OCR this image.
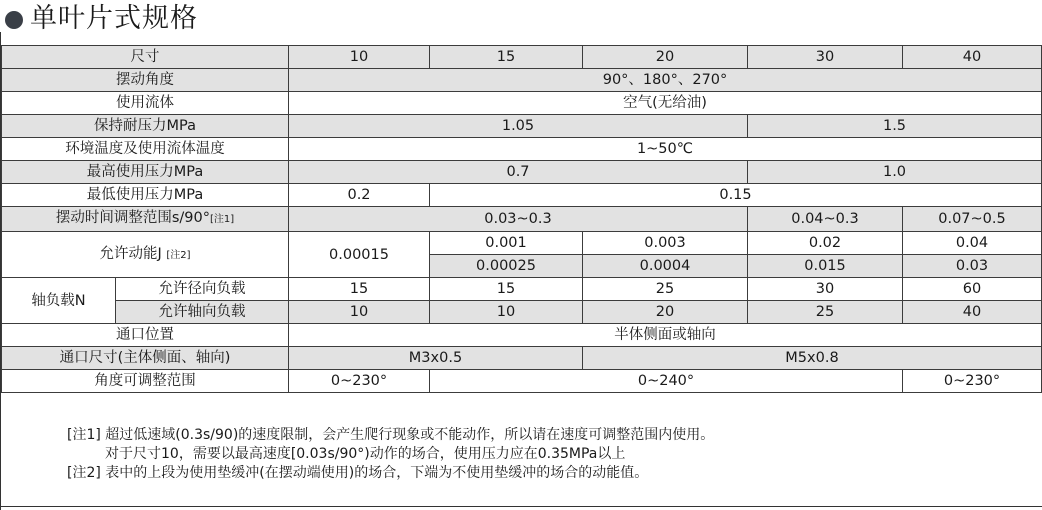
单叶片式规格
尺寸		10	15	20	30	40
摆动角度		90°、180°、270°				
使用流体		空气(无给油)				
保持耐压力MPa		1.05			1.5	
环境温度及使用流体温度		1~50℃				
最高使用压力MPa		0.7			1.0	
最低使用压力MPa		0.2	0.15			
摆动时间调整范围s/90°[注1]		0.03~0.3			0.04~0.3	0.07~0.5
允许动能J [注2]		0.00015	0.001	0.003	0.02	0.04
			0.00025	0.0004	0.015	0.03
轴负载N	允许径向负载	15	15	25	30	60
	允许轴向负载	10	10	20	25	40
通口位置		半体侧面或轴向				
通口尺寸(主体侧面、轴向)		M3x0.5		M5x0.8		
角度可调整范围		0~230°	0~240°			0~230°
[注1] 超过低速域(0.3s/90)的速度限制，会产生爬行现象或不能动作，所以请在速度可调整范围内使用。
对于尺寸10，需要以最高速度[0.03s/90°)动作的场合，使用压力应在0.35MPa以上
[注2] 表中的上段为使用垫缓冲(在摆动端使用)的场合，下端为不使用垫缓冲的场合的动能值。
